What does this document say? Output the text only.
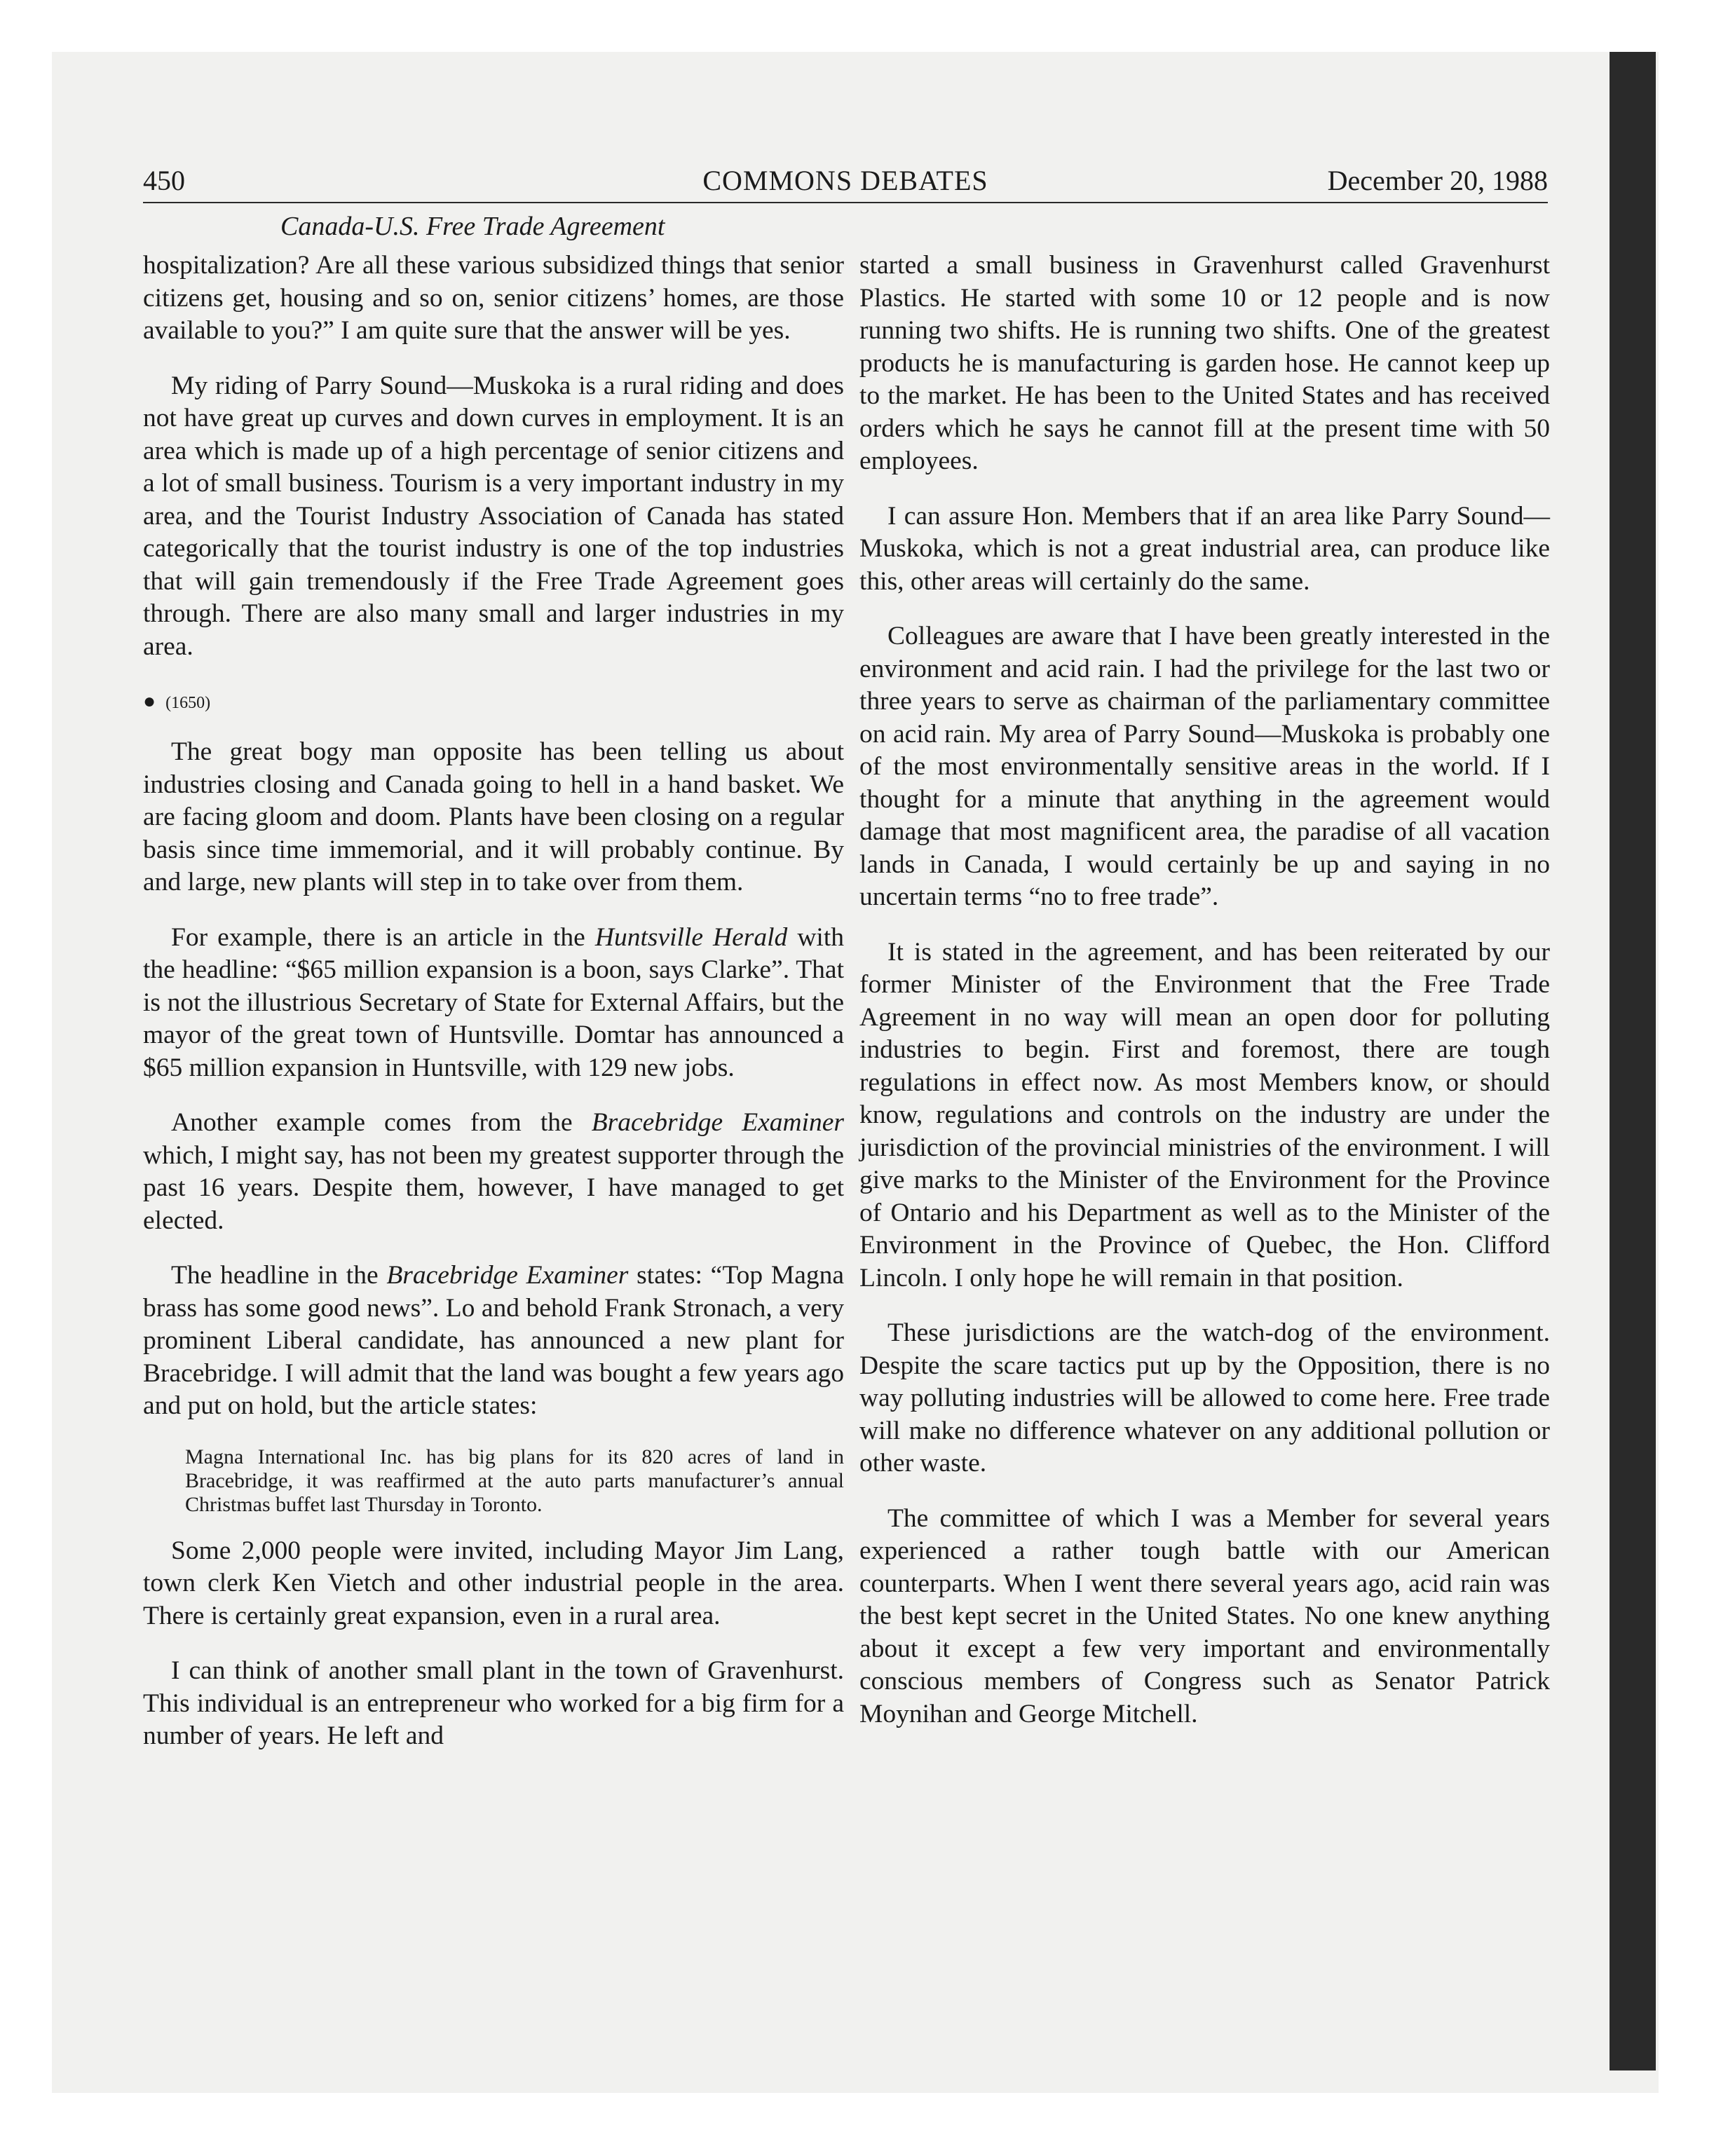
450	COMMONS DEBATES	December 20, 1988
Canada-U.S. Free Trade Agreement

hospitalization? Are all these various subsidized things that senior citizens get, housing and so on, senior citizens’ homes, are those available to you?” I am quite sure that the answer will be yes.

My riding of Parry Sound—Muskoka is a rural riding and does not have great up curves and down curves in employment. It is an area which is made up of a high percentage of senior citizens and a lot of small business. Tourism is a very important industry in my area, and the Tourist Industry Association of Canada has stated categorically that the tourist industry is one of the top industries that will gain tremendously if the Free Trade Agreement goes through. There are also many small and larger industries in my area.

● (1650)

The great bogy man opposite has been telling us about industries closing and Canada going to hell in a hand basket. We are facing gloom and doom. Plants have been closing on a regular basis since time immemorial, and it will probably continue. By and large, new plants will step in to take over from them.

For example, there is an article in the Huntsville Herald with the headline: “$65 million expansion is a boon, says Clarke”. That is not the illustrious Secretary of State for External Affairs, but the mayor of the great town of Huntsville. Domtar has announced a $65 million expansion in Huntsville, with 129 new jobs.

Another example comes from the Bracebridge Examiner which, I might say, has not been my greatest supporter through the past 16 years. Despite them, however, I have managed to get elected.

The headline in the Bracebridge Examiner states: “Top Magna brass has some good news”. Lo and behold Frank Stronach, a very prominent Liberal candidate, has announced a new plant for Bracebridge. I will admit that the land was bought a few years ago and put on hold, but the article states:

Magna International Inc. has big plans for its 820 acres of land in Bracebridge, it was reaffirmed at the auto parts manufacturer’s annual Christmas buffet last Thursday in Toronto.

Some 2,000 people were invited, including Mayor Jim Lang, town clerk Ken Vietch and other industrial people in the area. There is certainly great expansion, even in a rural area.

I can think of another small plant in the town of Gravenhurst. This individual is an entrepreneur who worked for a big firm for a number of years. He left and

started a small business in Gravenhurst called Gravenhurst Plastics. He started with some 10 or 12 people and is now running two shifts. He is running two shifts. One of the greatest products he is manufacturing is garden hose. He cannot keep up to the market. He has been to the United States and has received orders which he says he cannot fill at the present time with 50 employees.

I can assure Hon. Members that if an area like Parry Sound—Muskoka, which is not a great industrial area, can produce like this, other areas will certainly do the same.

Colleagues are aware that I have been greatly interested in the environment and acid rain. I had the privilege for the last two or three years to serve as chairman of the parliamentary committee on acid rain. My area of Parry Sound—Muskoka is probably one of the most environmentally sensitive areas in the world. If I thought for a minute that anything in the agreement would damage that most magnificent area, the paradise of all vacation lands in Canada, I would certainly be up and saying in no uncertain terms “no to free trade”.

It is stated in the agreement, and has been reiterated by our former Minister of the Environment that the Free Trade Agreement in no way will mean an open door for polluting industries to begin. First and foremost, there are tough regulations in effect now. As most Members know, or should know, regulations and controls on the industry are under the jurisdiction of the provincial ministries of the environment. I will give marks to the Minister of the Environment for the Province of Ontario and his Department as well as to the Minister of the Environment in the Province of Quebec, the Hon. Clifford Lincoln. I only hope he will remain in that position.

These jurisdictions are the watch-dog of the environment. Despite the scare tactics put up by the Opposition, there is no way polluting industries will be allowed to come here. Free trade will make no difference whatever on any additional pollution or other waste.

The committee of which I was a Member for several years experienced a rather tough battle with our American counterparts. When I went there several years ago, acid rain was the best kept secret in the United States. No one knew anything about it except a few very important and environmentally conscious members of Congress such as Senator Patrick Moynihan and George Mitchell.
